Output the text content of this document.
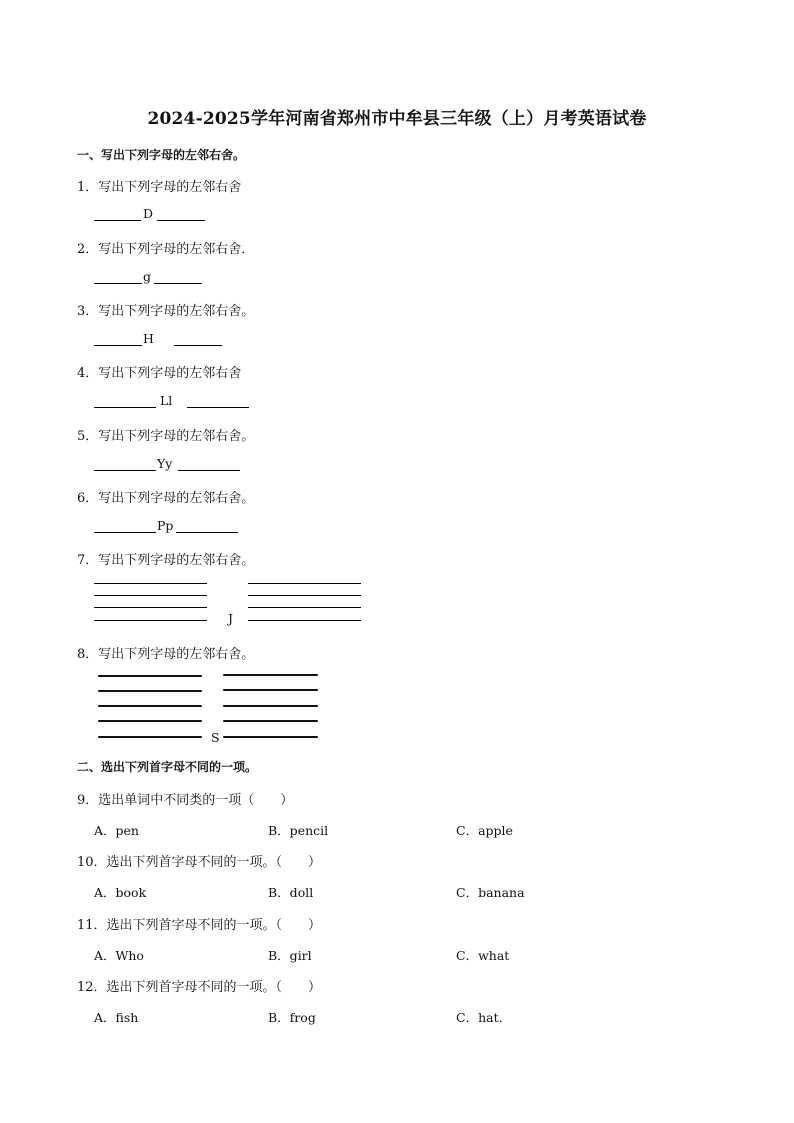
2024-2025学年河南省郑州市中牟县三年级（上）月考英语试卷
一、写出下列字母的左邻右舍。
1．写出下列字母的左邻右舍
D
2．写出下列字母的左邻右舍．
g
3．写出下列字母的左邻右舍。
H
4．写出下列字母的左邻右舍
Ll
5．写出下列字母的左邻右舍。
Yy
6．写出下列字母的左邻右舍。
Pp
7．写出下列字母的左邻右舍。
J
8．写出下列字母的左邻右舍。
S
二、选出下列首字母不同的一项。
9．选出单词中不同类的一项（　　）
A．pen	B．pencil	C．apple
10．选出下列首字母不同的一项。（　　）
A．book	B．doll	C．banana
11．选出下列首字母不同的一项。（　　）
A．Who	B．girl	C．what
12．选出下列首字母不同的一项。（　　）
A．fish	B．frog	C．hat.
